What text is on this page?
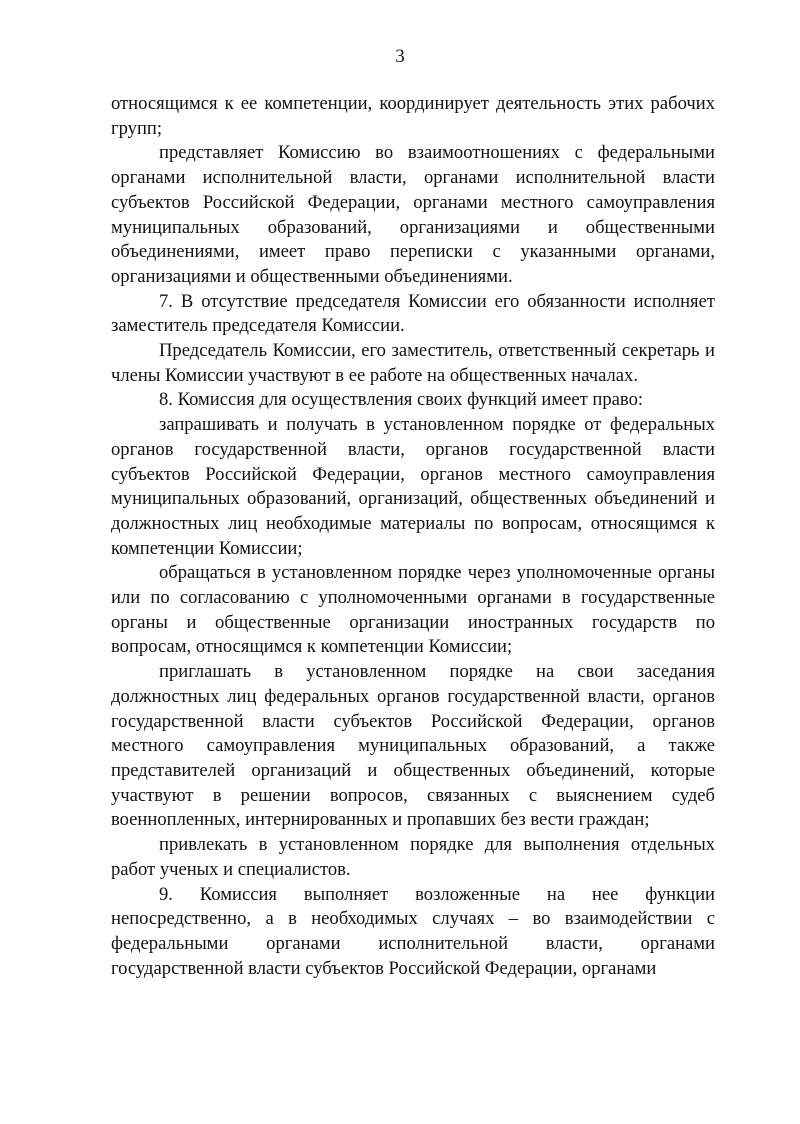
3

относящимся к ее компетенции, координирует деятельность этих рабочих групп;

представляет Комиссию во взаимоотношениях с федеральными органами исполнительной власти, органами исполнительной власти субъектов Российской Федерации, органами местного самоуправления муниципальных образований, организациями и общественными объединениями, имеет право переписки с указанными органами, организациями и общественными объединениями.

7. В отсутствие председателя Комиссии его обязанности исполняет заместитель председателя Комиссии.

Председатель Комиссии, его заместитель, ответственный секретарь и члены Комиссии участвуют в ее работе на общественных началах.

8. Комиссия для осуществления своих функций имеет право:

запрашивать и получать в установленном порядке от федеральных органов государственной власти, органов государственной власти субъектов Российской Федерации, органов местного самоуправления муниципальных образований, организаций, общественных объединений и должностных лиц необходимые материалы по вопросам, относящимся к компетенции Комиссии;

обращаться в установленном порядке через уполномоченные органы или по согласованию с уполномоченными органами в государственные органы и общественные организации иностранных государств по вопросам, относящимся к компетенции Комиссии;

приглашать в установленном порядке на свои заседания должностных лиц федеральных органов государственной власти, органов государственной власти субъектов Российской Федерации, органов местного самоуправления муниципальных образований, а также представителей организаций и общественных объединений, которые участвуют в решении вопросов, связанных с выяснением судеб военнопленных, интернированных и пропавших без вести граждан;

привлекать в установленном порядке для выполнения отдельных работ ученых и специалистов.

9. Комиссия выполняет возложенные на нее функции непосредственно, а в необходимых случаях – во взаимодействии с федеральными органами исполнительной власти, органами государственной власти субъектов Российской Федерации, органами
